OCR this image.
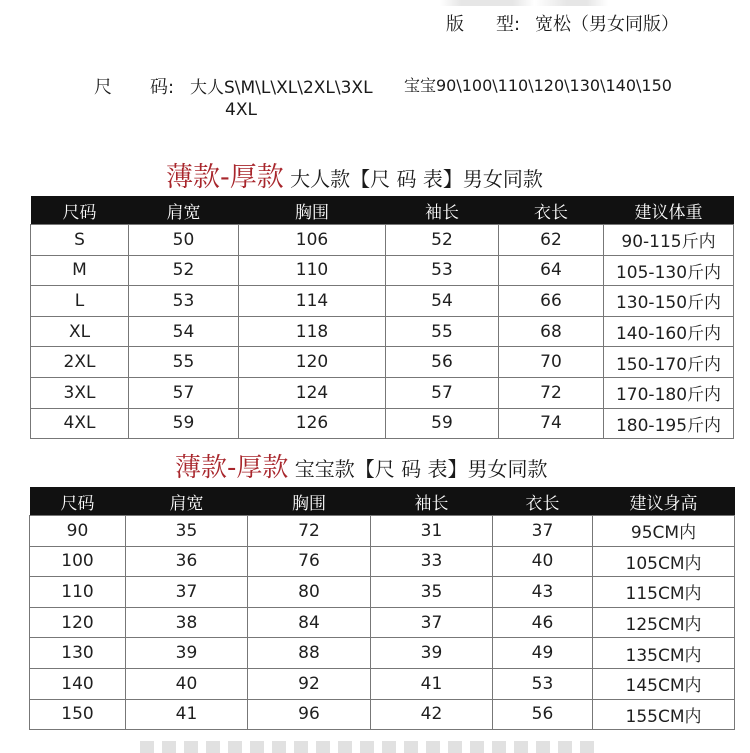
版 型: 宽松（男女同版）
尺 码: 大人S\M\L\XL\2XL\3XL 宝宝90\100\110\120\130\140\150
4XL
薄款-厚款 大人款【尺 码 表】男女同款
尺码	肩宽	胸围	袖长	衣长	建议体重
S	50	106	52	62	90-115斤内
M	52	110	53	64	105-130斤内
L	53	114	54	66	130-150斤内
XL	54	118	55	68	140-160斤内
2XL	55	120	56	70	150-170斤内
3XL	57	124	57	72	170-180斤内
4XL	59	126	59	74	180-195斤内
薄款-厚款 宝宝款【尺 码 表】男女同款
尺码	肩宽	胸围	袖长	衣长	建议身高
90	35	72	31	37	95CM内
100	36	76	33	40	105CM内
110	37	80	35	43	115CM内
120	38	84	37	46	125CM内
130	39	88	39	49	135CM内
140	40	92	41	53	145CM内
150	41	96	42	56	155CM内
